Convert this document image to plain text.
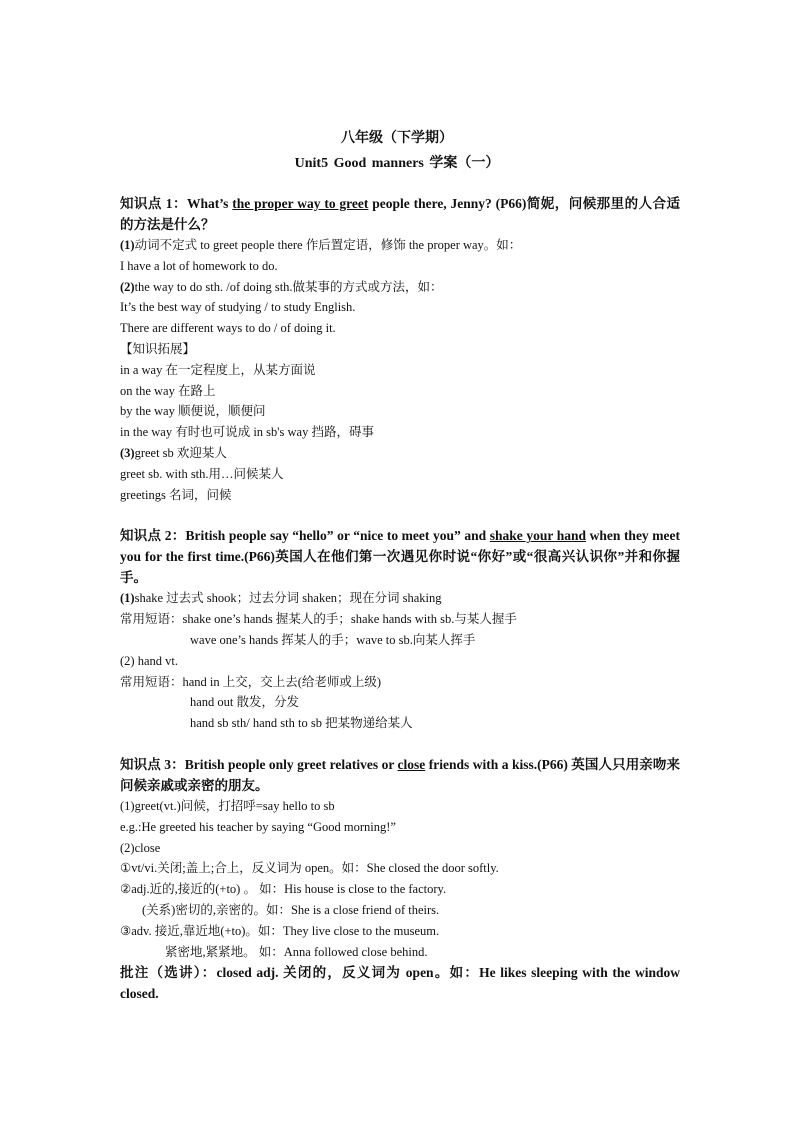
八年级（下学期）
Unit5 Good manners 学案（一）
知识点 1：What’s the proper way to greet people there, Jenny? (P66)简妮，问候那里的人合适的方法是什么？
(1)动词不定式 to greet people there 作后置定语，修饰 the proper way。如：
I have a lot of homework to do.
(2)the way to do sth. /of doing sth.做某事的方式或方法，如：
It’s the best way of studying / to study English.
There are different ways to do / of doing it.
【知识拓展】
in a way 在一定程度上，从某方面说
on the way 在路上
by the way 顺便说，顺便问
in the way 有时也可说成 in sb's way 挡路，碍事
(3)greet sb 欢迎某人
greet sb. with sth.用…问候某人
greetings 名词，问候
知识点 2：British people say “hello” or “nice to meet you” and shake your hand when they meet you for the first time.(P66)英国人在他们第一次遇见你时说“你好”或“很高兴认识你”并和你握手。
(1)shake 过去式 shook；过去分词 shaken；现在分词 shaking
常用短语：shake one’s hands 握某人的手；shake hands with sb.与某人握手
wave one’s hands 挥某人的手；wave to sb.向某人挥手
(2) hand vt.
常用短语：hand in 上交，交上去(给老师或上级)
hand out 散发，分发
hand sb sth/ hand sth to sb 把某物递给某人
知识点 3：British people only greet relatives or close friends with a kiss.(P66) 英国人只用亲吻来问候亲戚或亲密的朋友。
(1)greet(vt.)问候，打招呼=say hello to sb
e.g.:He greeted his teacher by saying “Good morning!”
(2)close
①vt/vi.关闭;盖上;合上，反义词为 open。如：She closed the door softly.
②adj.近的,接近的(+to) 。 如：His house is close to the factory.
(关系)密切的,亲密的。如：She is a close friend of theirs.
③adv. 接近,靠近地(+to)。如：They live close to the museum.
紧密地,紧紧地。 如：Anna followed close behind.
批注（选讲）：closed adj. 关闭的，反义词为 open。如：He likes sleeping with the window closed.
